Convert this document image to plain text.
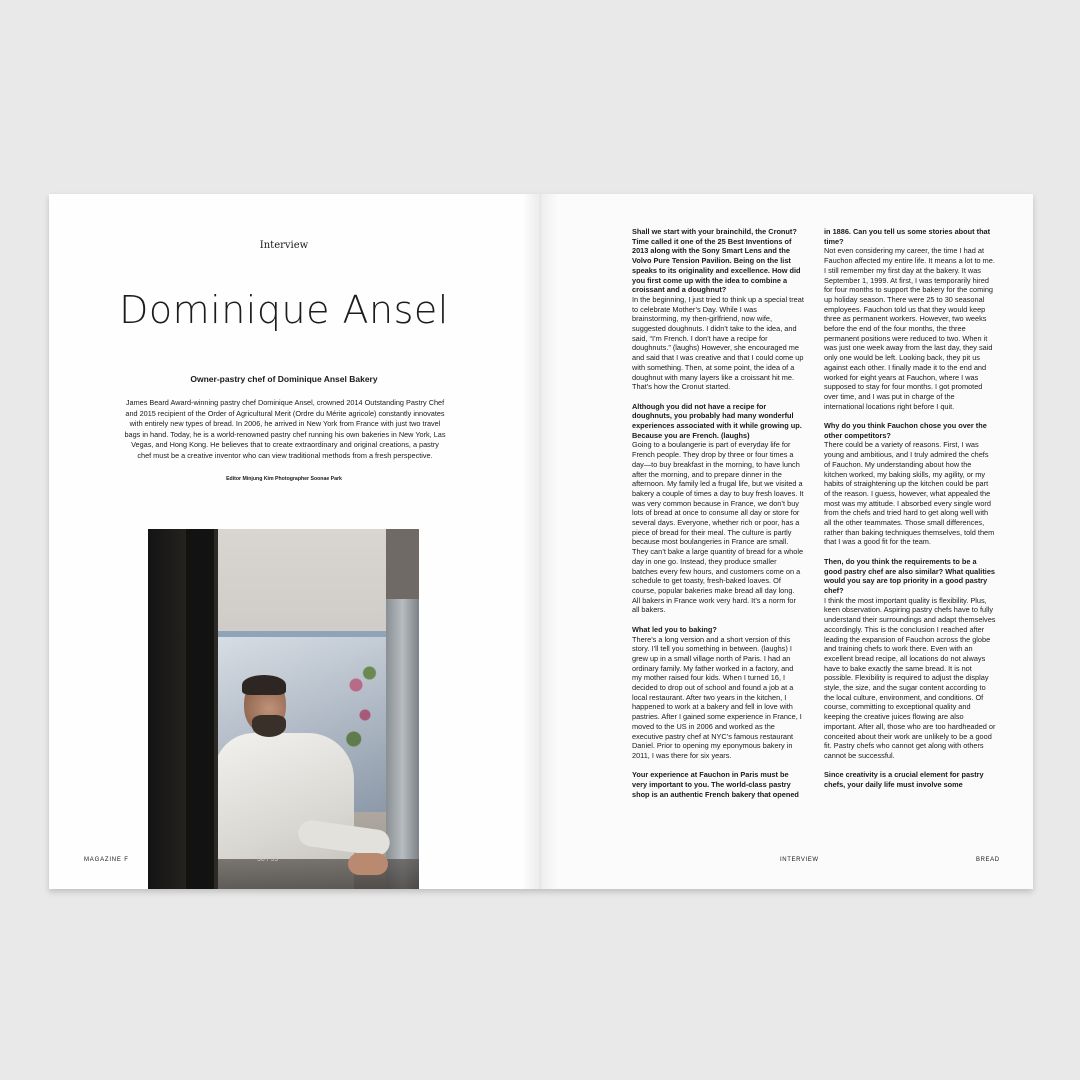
Interview
Dominique Ansel
Owner-pastry chef of Dominique Ansel Bakery
James Beard Award-winning pastry chef Dominique Ansel, crowned 2014 Outstanding Pastry Chef and 2015 recipient of the Order of Agricultural Merit (Ordre du Mérite agricole) constantly innovates with entirely new types of bread. In 2006, he arrived in New York from France with just two travel bags in hand. Today, he is a world-renowned pastry chef running his own bakeries in New York, Las Vegas, and Hong Kong. He believes that to create extraordinary and original creations, a pastry chef must be a creative inventor who can view traditional methods from a fresh perspective.
Editor Minjung Kim Photographer Soonae Park
MAGAZINE F	98 / 99

Shall we start with your brainchild, the Cronut? Time called it one of the 25 Best Inventions of 2013 along with the Sony Smart Lens and the Volvo Pure Tension Pavilion. Being on the list speaks to its originality and excellence. How did you first come up with the idea to combine a croissant and a doughnut?

In the beginning, I just tried to think up a special treat to celebrate Mother’s Day. While I was brainstorming, my then-girlfriend, now wife, suggested doughnuts. I didn’t take to the idea, and said, “I’m French. I don’t have a recipe for doughnuts.” (laughs) However, she encouraged me and said that I was creative and that I could come up with something. Then, at some point, the idea of a doughnut with many layers like a croissant hit me. That’s how the Cronut started.

Although you did not have a recipe for doughnuts, you probably had many wonderful experiences associated with it while growing up. Because you are French. (laughs)

Going to a boulangerie is part of everyday life for French people. They drop by three or four times a day—to buy breakfast in the morning, to have lunch after the morning, and to prepare dinner in the afternoon. My family led a frugal life, but we visited a bakery a couple of times a day to buy fresh loaves. It was very common because in France, we don’t buy lots of bread at once to consume all day or store for several days. Everyone, whether rich or poor, has a piece of bread for their meal. The culture is partly because most boulangeries in France are small. They can’t bake a large quantity of bread for a whole day in one go. Instead, they produce smaller batches every few hours, and customers come on a schedule to get toasty, fresh-baked loaves. Of course, popular bakeries make bread all day long. All bakers in France work very hard. It’s a norm for all bakers.

What led you to baking?

There’s a long version and a short version of this story. I’ll tell you something in between. (laughs) I grew up in a small village north of Paris. I had an ordinary family. My father worked in a factory, and my mother raised four kids. When I turned 16, I decided to drop out of school and found a job at a local restaurant. After two years in the kitchen, I happened to work at a bakery and fell in love with pastries. After I gained some experience in France, I moved to the US in 2006 and worked as the executive pastry chef at NYC’s famous restaurant Daniel. Prior to opening my eponymous bakery in 2011, I was there for six years.

Your experience at Fauchon in Paris must be very important to you. The world-class pastry shop is an authentic French bakery that opened

in 1886. Can you tell us some stories about that time?

Not even considering my career, the time I had at Fauchon affected my entire life. It means a lot to me. I still remember my first day at the bakery. It was September 1, 1999. At first, I was temporarily hired for four months to support the bakery for the coming up holiday season. There were 25 to 30 seasonal employees. Fauchon told us that they would keep three as permanent workers. However, two weeks before the end of the four months, the three permanent positions were reduced to two. When it was just one week away from the last day, they said only one would be left. Looking back, they pit us against each other. I finally made it to the end and worked for eight years at Fauchon, where I was supposed to stay for four months. I got promoted over time, and I was put in charge of the international locations right before I quit.

Why do you think Fauchon chose you over the other competitors?

There could be a variety of reasons. First, I was young and ambitious, and I truly admired the chefs of Fauchon. My understanding about how the kitchen worked, my baking skills, my agility, or my habits of straightening up the kitchen could be part of the reason. I guess, however, what appealed the most was my attitude. I absorbed every single word from the chefs and tried hard to get along well with all the other teammates. Those small differences, rather than baking techniques themselves, told them that I was a good fit for the team.

Then, do you think the requirements to be a good pastry chef are also similar? What qualities would you say are top priority in a good pastry chef?

I think the most important quality is flexibility. Plus, keen observation. Aspiring pastry chefs have to fully understand their surroundings and adapt themselves accordingly. This is the conclusion I reached after leading the expansion of Fauchon across the globe and training chefs to work there. Even with an excellent bread recipe, all locations do not always have to bake exactly the same bread. It is not possible. Flexibility is required to adjust the display style, the size, and the sugar content according to the local culture, environment, and conditions. Of course, committing to exceptional quality and keeping the creative juices flowing are also important. After all, those who are too hardheaded or conceited about their work are unlikely to be a good fit. Pastry chefs who cannot get along with others cannot be successful.

Since creativity is a crucial element for pastry chefs, your daily life must involve some

INTERVIEW	BREAD
